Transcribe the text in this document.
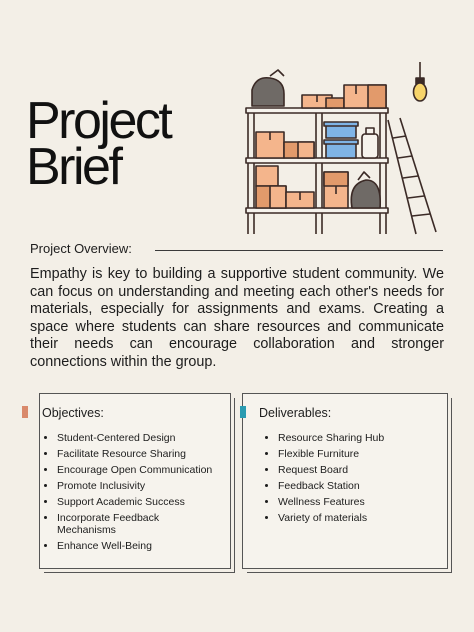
Project
Brief
Project Overview:
Empathy is key to building a supportive student community. We can focus on understanding and meeting each other's needs for materials, especially for assignments and exams. Creating a space where students can share resources and communicate their needs can encourage collaboration and stronger connections within the group.
Objectives:
• Student-Centered Design
• Facilitate Resource Sharing
• Encourage Open Communication
• Promote Inclusivity
• Support Academic Success
• Incorporate Feedback Mechanisms
• Enhance Well-Being
Deliverables:
• Resource Sharing Hub
• Flexible Furniture
• Request Board
• Feedback Station
• Wellness Features
• Variety of materials
